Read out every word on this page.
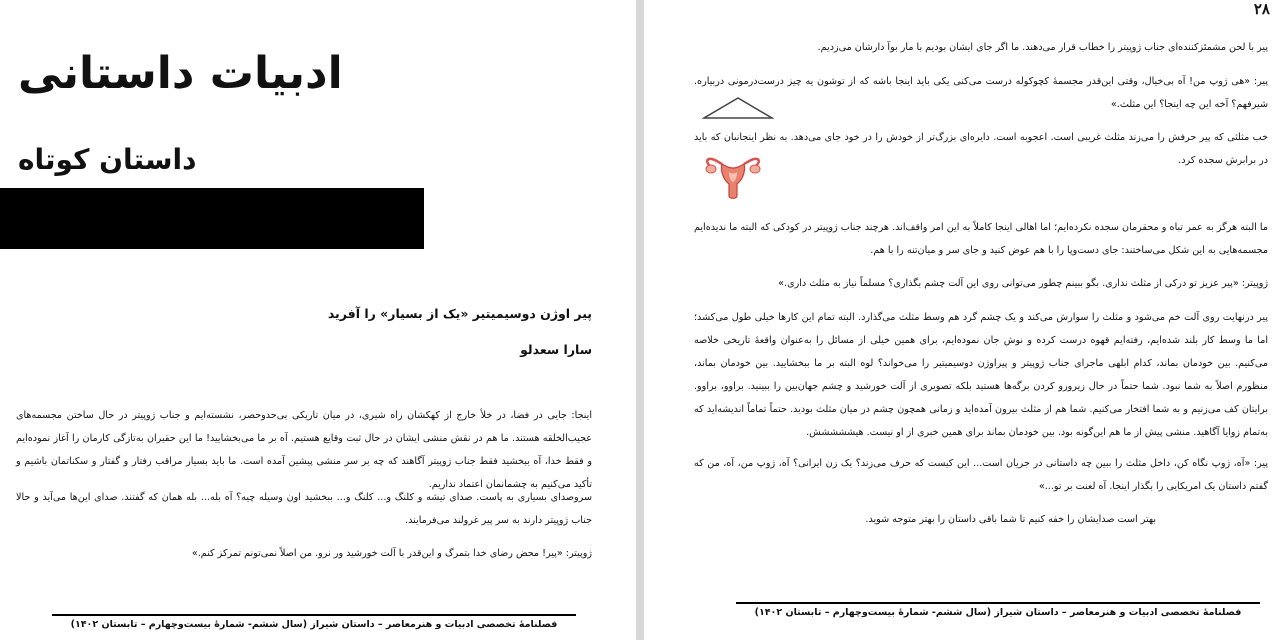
ادبیات داستانی
داستان کوتاه
پیر اوژن دوسیمیتیر «یک از بسیار» را آفرید
سارا سعدلو

اینجا: جایی در فضا، در خلأ خارج از کهکشان راه شیری، در میان تاریکی بی‌حدوحصر، نشسته‌ایم و جناب ژوپیتر در حال ساختن مجسمه‌های عجیب‌الخلقه هستند. ما هم در نقش منشی ایشان در حال ثبت وقایع هستیم. آه بر ما می‌بخشایید! ما این حقیران به‌تازگی کارمان را آغاز نموده‌ایم و فقط خدا، آه ببخشید فقط جناب ژوپیتر آگاهند که چه بر سر منشی پیشین آمده است. ما باید بسیار مراقب رفتار و گفتار و سکناتمان باشیم و تأکید می‌کنیم به چشمانمان اعتماد نداریم.

سروصدای بسیاری به پاست. صدای تیشه و کلنگ و... کلنگ و... ببخشید اون وسیله چیه؟ آه بله... بله همان که گفتند. صدای این‌ها می‌آید و حالا جناب ژوپیتر دارند به سر پیر غرولند می‌فرمایند.

ژوپیتر: «پیر! محض رضای خدا بتمرگ و این‌قدر با آلت خورشید ور نرو. من اصلاً نمی‌تونم تمرکز کنم.»

فصلنامهٔ تخصصی ادبیات و هنرمعاصر – داستان شیراز (سال ششم- شمارهٔ بیست‌وچهارم – تابستان ۱۴۰۲)
۲۸

پیر با لحن مشمئزکننده‌ای جناب ژوپیتر را خطاب قرار می‌دهند. ما اگر جای ایشان بودیم با مار بوآ دارشان می‌زدیم.

پیر: «هی ژوپ من! آه بی‌خیال، وقتی این‌قدر مجسمهٔ کچوکوله درست می‌کنی یکی باید اینجا باشه که از توشون یه چیز درست‌درمونی دربیاره. شیرفهم؟ آخه این چه اینجا؟ این مثلث.»

خب مثلثی که پیر حرفش را می‌زند مثلث غریبی است. اعجوبه است. دایره‌ای بزرگ‌تر از خودش را در خود جای می‌دهد. به نظر اینجانبان که باید در برابرش سجده کرد.

ما البته هرگز به عمر تباه و محقرمان سجده نکرده‌ایم؛ اما اهالی اینجا کاملاً به این امر واقف‌اند. هرچند جناب ژوپیتر در کودکی که البته ما ندیده‌ایم مجسمه‌هایی به این شکل می‌ساختند: جای دست‌وپا را با هم عوض کنید و جای سر و میان‌تنه را با هم.

ژوپیتر: «پیر عزیز تو درکی از مثلث نداری. بگو ببینم چطور می‌توانی روی این آلت چشم بگذاری؟ مسلماً نیاز به مثلث داری.»

پیر درنهایت روی آلت خم می‌شود و مثلث را سوارش می‌کند و یک چشم گرد هم وسط مثلث می‌گذارد. البته تمام این کارها خیلی طول می‌کشد؛ اما ما وسط کار بلند شده‌ایم، رفته‌ایم قهوه درست کرده و نوش جان نموده‌ایم، برای همین خیلی از مسائل را به‌عنوان واقعهٔ تاریخی خلاصه می‌کنیم. بین خودمان بماند، کدام ابلهی ماجرای جناب ژوپیتر و پیراوژن دوسیمیتیر را می‌خواند؟ لوه البته بر ما ببخشایید. بین خودمان بماند، منظورم اصلاً به شما نبود. شما حتماً در حال زیرورو کردن برگه‌ها هستید بلکه تصویری از آلت خورشید و چشم جهان‌بین را ببینید. براوو، براوو. برایتان کف می‌زنیم و به شما افتخار می‌کنیم. شما هم از مثلث بیرون آمده‌اید و زمانی همچون چشم در میان مثلث بودید. حتماً تماماً اندیشه‌اید که به‌تمام زوایا آگاهید. منشی پیش از ما هم این‌گونه بود. بین خودمان بماند برای همین خبری از او نیست. هیششششش.

پیر: «آه، ژوپ نگاه کن، داخل مثلث را ببین چه داستانی در جریان است... این کیست که حرف می‌زند؟ یک زن ایرانی؟ آه، ژوپ من، آه، من که گفتم داستان یک امریکایی را بگذار اینجا. آه لعنت بر تو...»

بهتر است صدایشان را خفه کنیم تا شما باقی داستان را بهتر متوجه شوید.

فصلنامهٔ تخصصی ادبیات و هنرمعاصر – داستان شیراز (سال ششم- شمارهٔ بیست‌وچهارم – تابستان ۱۴۰۲)
